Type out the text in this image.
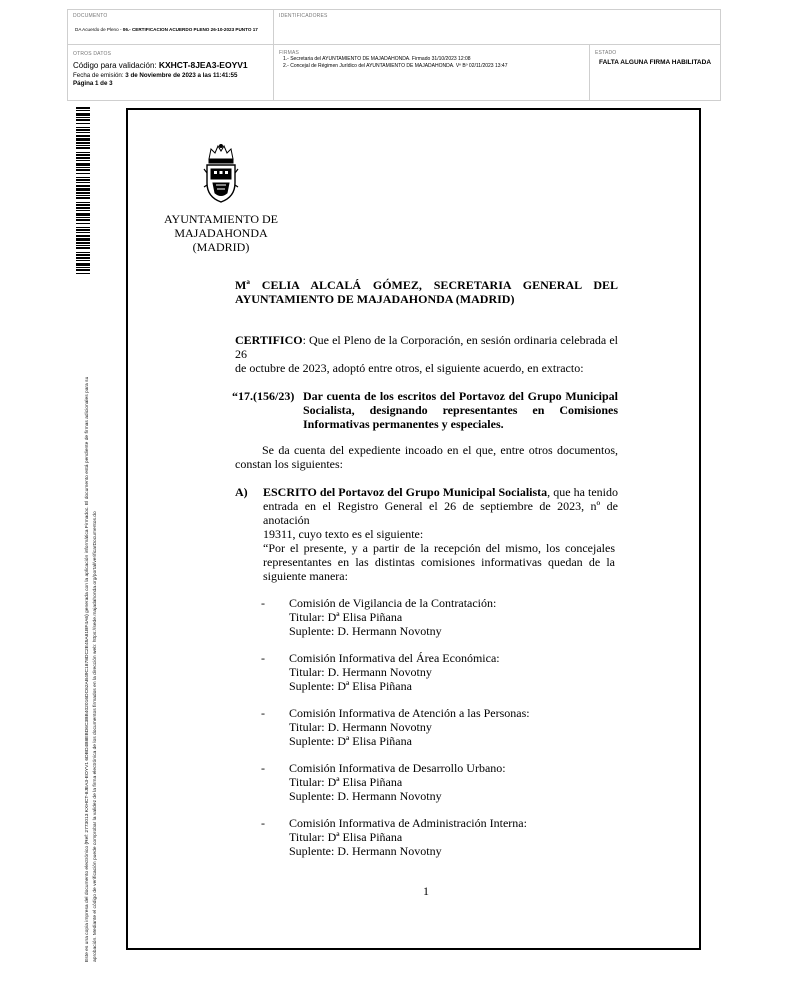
DOCUMENTO
DA Acuerdo de Pleno - 06.- CERTIFICACION ACUERDO PLENO 26-10-2023 PUNTO 17
IDENTIFICADORES
OTROS DATOS
Código para validación: KXHCT-8JEA3-EOYV1
Fecha de emisión: 3 de Noviembre de 2023 a las 11:41:55
Página 1 de 3
FIRMAS
1.- Secretaria del AYUNTAMIENTO DE MAJADAHONDA. Firmado 31/10/2023 12:08
2.- Concejal de Régimen Jurídico del AYUNTAMIENTO DE MAJADAHONDA. Vº Bº 02/11/2023 13:47
ESTADO
FALTA ALGUNA FIRMA HABILITADA
Este es una copia impresa del documento electrónico (Ref: 2773013 KXHCT-8JEA3-EOYV1 6DBD4B8EBD6C3BB402016DC62AB49C1878DC2E45A81BF4A6) generada con la aplicación informática Firmadoc. El documento está pendiente de firmas adicionales para su aprobación. Mediante el código de verificación puede comprobar la validez de la firma electrónica de los documentos firmados en la dirección web: https://sede.majadahonda.org/portal/verificarDocumentos.do
AYUNTAMIENTO DE
MAJADAHONDA
(MADRID)
Mª CELIA ALCALÁ GÓMEZ, SECRETARIA GENERAL DEL
AYUNTAMIENTO DE MAJADAHONDA (MADRID)
CERTIFICO: Que el Pleno de la Corporación, en sesión ordinaria celebrada el 26
de octubre de 2023, adoptó entre otros, el siguiente acuerdo, en extracto:
“17.(156/23) Dar cuenta de los escritos del Portavoz del Grupo Municipal
Socialista, designando representantes en Comisiones
Informativas permanentes y especiales.
Se da cuenta del expediente incoado en el que, entre otros documentos,
constan los siguientes:
A) ESCRITO del Portavoz del Grupo Municipal Socialista, que ha tenido
entrada en el Registro General el 26 de septiembre de 2023, nº de anotación
19311, cuyo texto es el siguiente:
“Por el presente, y a partir de la recepción del mismo, los concejales
representantes en las distintas comisiones informativas quedan de la
siguiente manera:
- Comisión de Vigilancia de la Contratación:
Titular: Dª Elisa Piñana
Suplente: D. Hermann Novotny
- Comisión Informativa del Área Económica:
Titular: D. Hermann Novotny
Suplente: Dª Elisa Piñana
- Comisión Informativa de Atención a las Personas:
Titular: D. Hermann Novotny
Suplente: Dª Elisa Piñana
- Comisión Informativa de Desarrollo Urbano:
Titular: Dª Elisa Piñana
Suplente: D. Hermann Novotny
- Comisión Informativa de Administración Interna:
Titular: Dª Elisa Piñana
Suplente: D. Hermann Novotny
1
